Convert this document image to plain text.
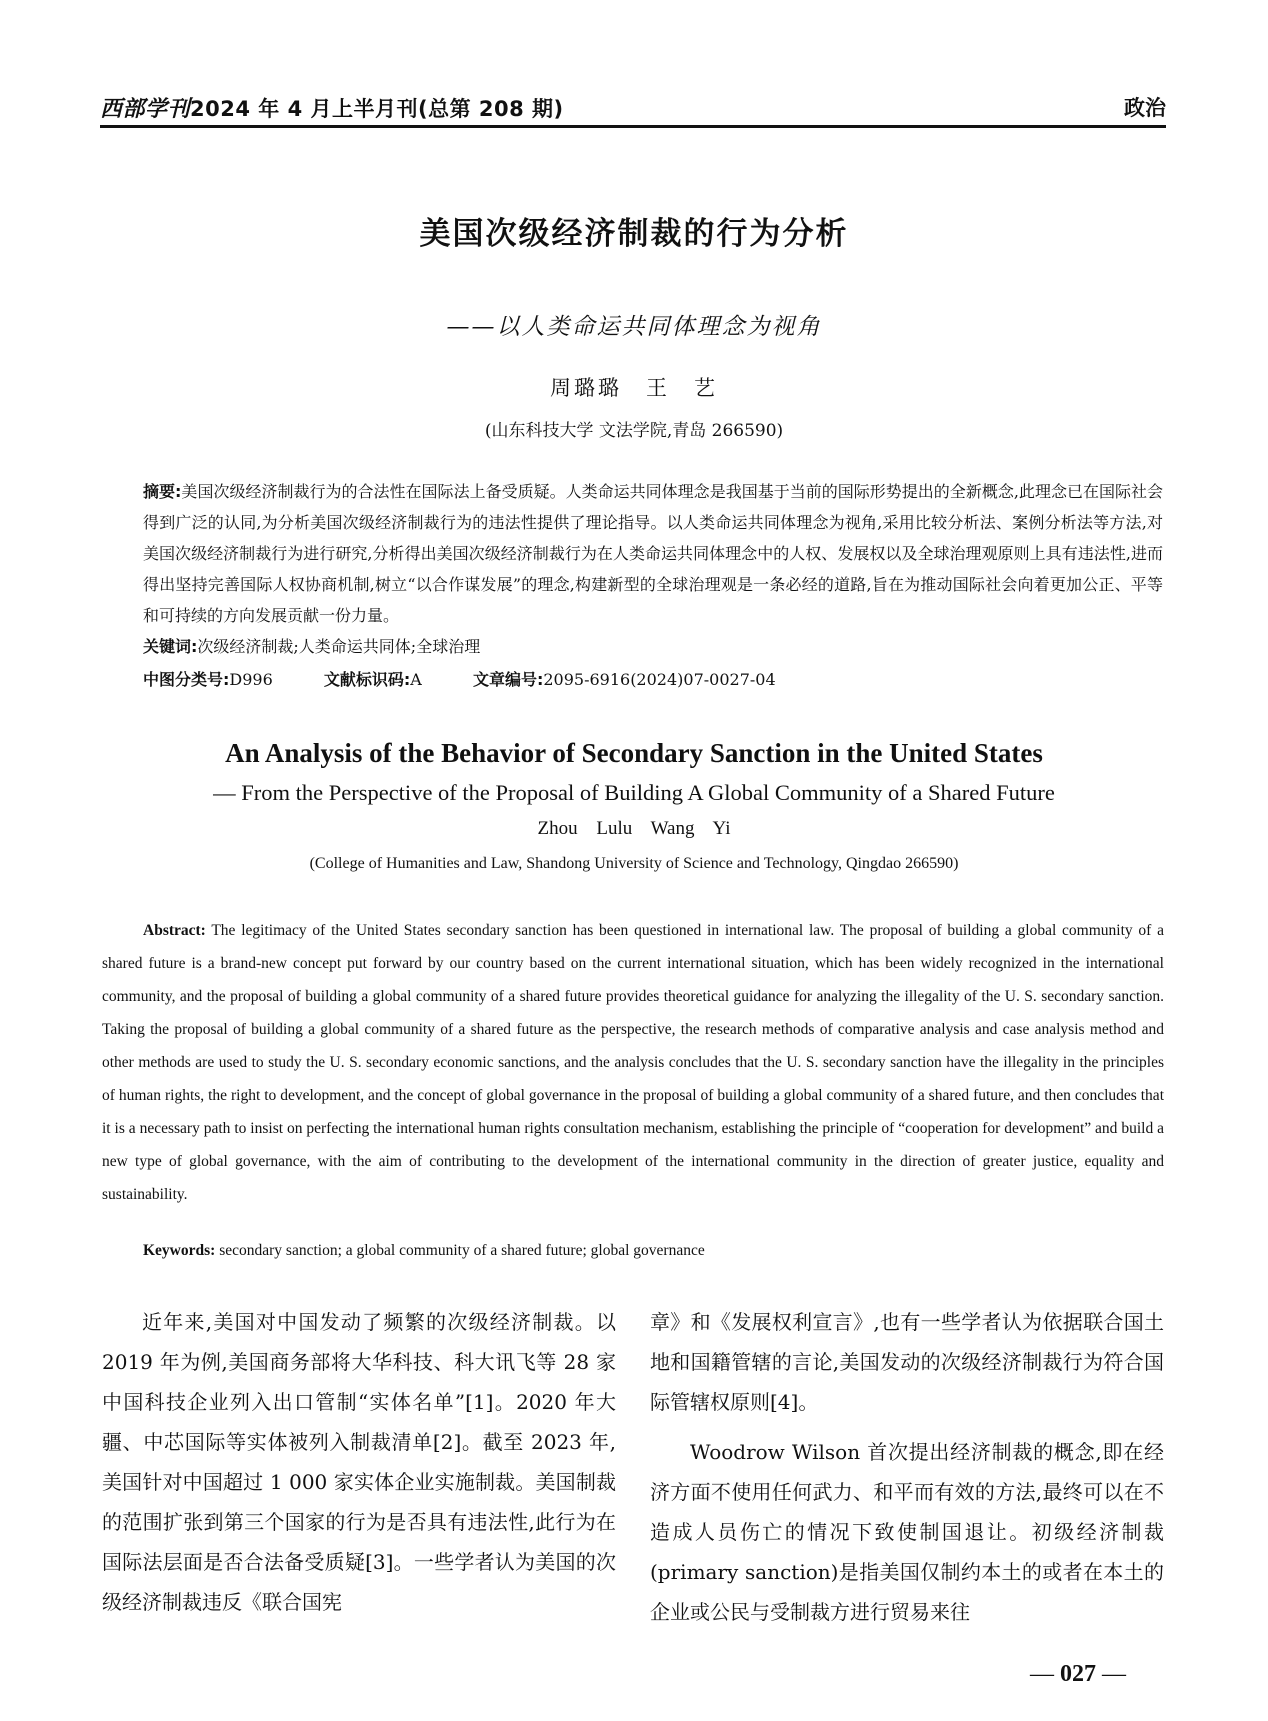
西部学刊2024 年 4 月上半月刊(总第 208 期)	政治
美国次级经济制裁的行为分析
——以人类命运共同体理念为视角
周璐璐　王　艺
(山东科技大学 文法学院,青岛 266590)
摘要:美国次级经济制裁行为的合法性在国际法上备受质疑。人类命运共同体理念是我国基于当前的国际形势提出的全新概念,此理念已在国际社会得到广泛的认同,为分析美国次级经济制裁行为的违法性提供了理论指导。以人类命运共同体理念为视角,采用比较分析法、案例分析法等方法,对美国次级经济制裁行为进行研究,分析得出美国次级经济制裁行为在人类命运共同体理念中的人权、发展权以及全球治理观原则上具有违法性,进而得出坚持完善国际人权协商机制,树立“以合作谋发展”的理念,构建新型的全球治理观是一条必经的道路,旨在为推动国际社会向着更加公正、平等和可持续的方向发展贡献一份力量。
关键词:次级经济制裁;人类命运共同体;全球治理
中图分类号:D996	文献标识码:A	文章编号:2095-6916(2024)07-0027-04
An Analysis of the Behavior of Secondary Sanction in the United States
— From the Perspective of the Proposal of Building A Global Community of a Shared Future
Zhou Lulu Wang Yi
(College of Humanities and Law, Shandong University of Science and Technology, Qingdao 266590)
Abstract: The legitimacy of the United States secondary sanction has been questioned in international law. The proposal of building a global community of a shared future is a brand-new concept put forward by our country based on the current international situation, which has been widely recognized in the international community, and the proposal of building a global community of a shared future provides theoretical guidance for analyzing the illegality of the U. S. secondary sanction. Taking the proposal of building a global community of a shared future as the perspective, the research methods of comparative analysis and case analysis method and other methods are used to study the U. S. secondary economic sanctions, and the analysis concludes that the U. S. secondary sanction have the illegality in the principles of human rights, the right to development, and the concept of global governance in the proposal of building a global community of a shared future, and then concludes that it is a necessary path to insist on perfecting the international human rights consultation mechanism, establishing the principle of “cooperation for development” and build a new type of global governance, with the aim of contributing to the development of the international community in the direction of greater justice, equality and sustainability.
Keywords: secondary sanction; a global community of a shared future; global governance

近年来,美国对中国发动了频繁的次级经济制裁。以 2019 年为例,美国商务部将大华科技、科大讯飞等 28 家中国科技企业列入出口管制“实体名单”[1]。2020 年大疆、中芯国际等实体被列入制裁清单[2]。截至 2023 年,美国针对中国超过 1 000 家实体企业实施制裁。美国制裁的范围扩张到第三个国家的行为是否具有违法性,此行为在国际法层面是否合法备受质疑[3]。一些学者认为美国的次级经济制裁违反《联合国宪

章》和《发展权利宣言》,也有一些学者认为依据联合国土地和国籍管辖的言论,美国发动的次级经济制裁行为符合国际管辖权原则[4]。

Woodrow Wilson 首次提出经济制裁的概念,即在经济方面不使用任何武力、和平而有效的方法,最终可以在不造成人员伤亡的情况下致使制国退让。初级经济制裁(primary sanction)是指美国仅制约本土的或者在本土的企业或公民与受制裁方进行贸易来往

— 027 —
